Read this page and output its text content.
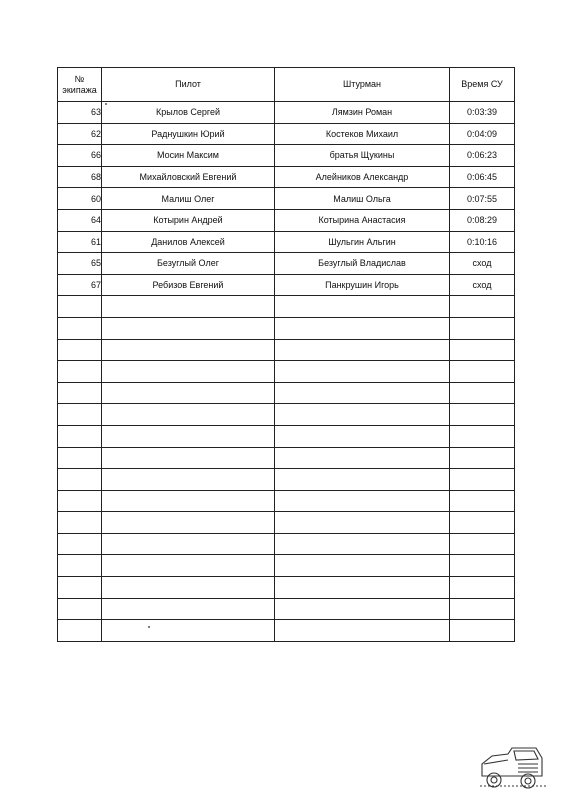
№
экипажа	Пилот	Штурман	Время СУ
63	Крылов Сергей	Лямзин Роман	0:03:39
62	Раднушкин Юрий	Костеков Михаил	0:04:09
66	Мосин Максим	братья Щукины	0:06:23
68	Михайловский Евгений	Алейников Александр	0:06:45
60	Малиш Олег	Малиш Ольга	0:07:55
64	Котырин Андрей	Котырина Анастасия	0:08:29
61	Данилов Алексей	Шульгин Альгин	0:10:16
65	Безуглый Олег	Безуглый Владислав	сход
67	Ребизов Евгений	Панкрушин Игорь	сход
